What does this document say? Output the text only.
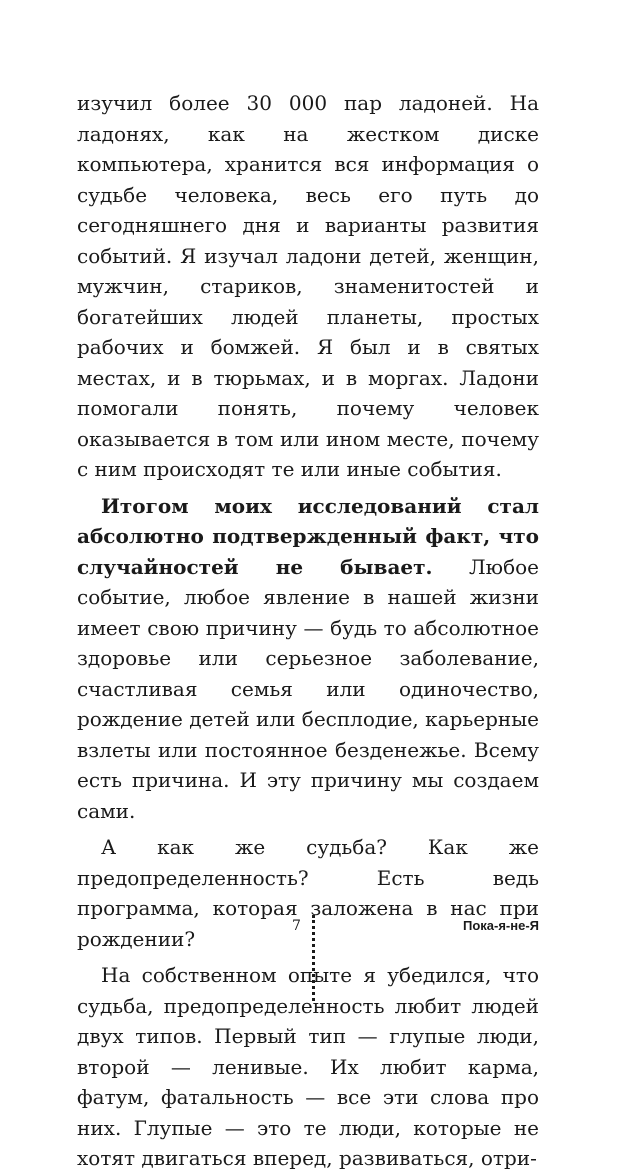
изучил более 30 000 пар ладоней. На ладонях, как на жестком диске компьютера, хранится вся информация о судьбе человека, весь его путь до сегодняшнего дня и варианты развития событий. Я изучал ладони детей, женщин, мужчин, стариков, знаменитостей и богатейших людей планеты, простых рабочих и бомжей. Я был и в святых местах, и в тюрьмах, и в моргах. Ладони помогали понять, почему человек оказывается в том или ином месте, почему с ним происходят те или иные события.

Итогом моих исследований стал абсолютно подтвержденный факт, что случайностей не бывает. Любое событие, любое явление в нашей жизни имеет свою причину — будь то абсолютное здоровье или серьезное заболевание, счастливая семья или одиночество, рождение детей или бесплодие, карьерные взлеты или постоянное безденежье. Всему есть причина. И эту причину мы создаем сами.

А как же судьба? Как же предопределенность? Есть ведь программа, которая заложена в нас при рождении?

На собственном опыте я убедился, что судьба, предопределенность любит людей двух типов. Первый тип — глупые люди, второй — ленивые. Их любит карма, фатум, фатальность — все эти слова про них. Глупые — это те люди, которые не хотят двигаться вперед, развиваться, отри-

7	Пока-я-не-Я
